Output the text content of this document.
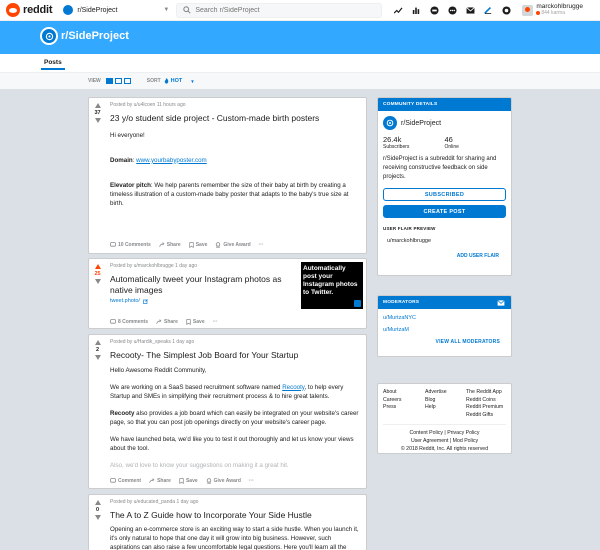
reddit	r/SideProject	▼
Search r/SideProject	marckohlbrugge
844 karma
r/SideProject
Posts
VIEW	SORT HOT ▼
37
Posted by u/u4lcoen 11 hours ago
23 y/o student side project - Custom-made birth posters

Hi everyone!

Domain: www.yourbabyposter.com

Elevator pitch: We help parents remember the size of their baby at birth by creating a timeless illustration of a custom-made baby poster that adapts to the baby's true size at birth.

10 Comments	Share	Save	Give Award ···
25
Posted by u/marckohlbrugge 1 day ago
Automatically tweet your Instagram photos as native images
tweet.photo/
Automatically post your Instagram photos to Twitter.
8 Comments	Share	Save ···
2
Posted by u/Hardik_speaks 1 day ago
Recooty- The Simplest Job Board for Your Startup

Hello Awesome Reddit Community,

We are working on a SaaS based recruitment software named Recooty, to help every Startup and SMEs in simplifying their recruitment process & to hire great talents.

Recooty also provides a job board which can easily be integrated on your website's career page, so that you can post job openings directly on your website's career page.

We have launched beta, we'd like you to test it out thoroughly and let us know your views about the tool.

Also, we'd love to know your suggestions on making it a great hit.

Comment	Share	Save	Give Award ···
0
Posted by u/educated_panda 1 day ago
The A to Z Guide how to Incorporate Your Side Hustle
Opening an e-commerce store is an exciting way to start a side hustle. When you launch it, it's only natural to hope that one day it will grow into big business. However, such aspirations can also raise a few uncomfortable legal questions. Here you'll learn all the
COMMUNITY DETAILS
r/SideProject
26.4k
Subscribers
46
Online
r/SideProject is a subreddit for sharing and receiving constructive feedback on side projects.
SUBSCRIBED
CREATE POST
USER FLAIR PREVIEW
u/marckohlbrugge
ADD USER FLAIR
MODERATORS
u/MurtzaNYC
u/MurtzaM
VIEW ALL MODERATORS
About
Careers
Press
Advertise
Blog
Help
The Reddit App
Reddit Coins
Reddit Premium
Reddit Gifts
Content Policy | Privacy Policy
User Agreement | Mod Policy
© 2018 Reddit, Inc. All rights reserved
